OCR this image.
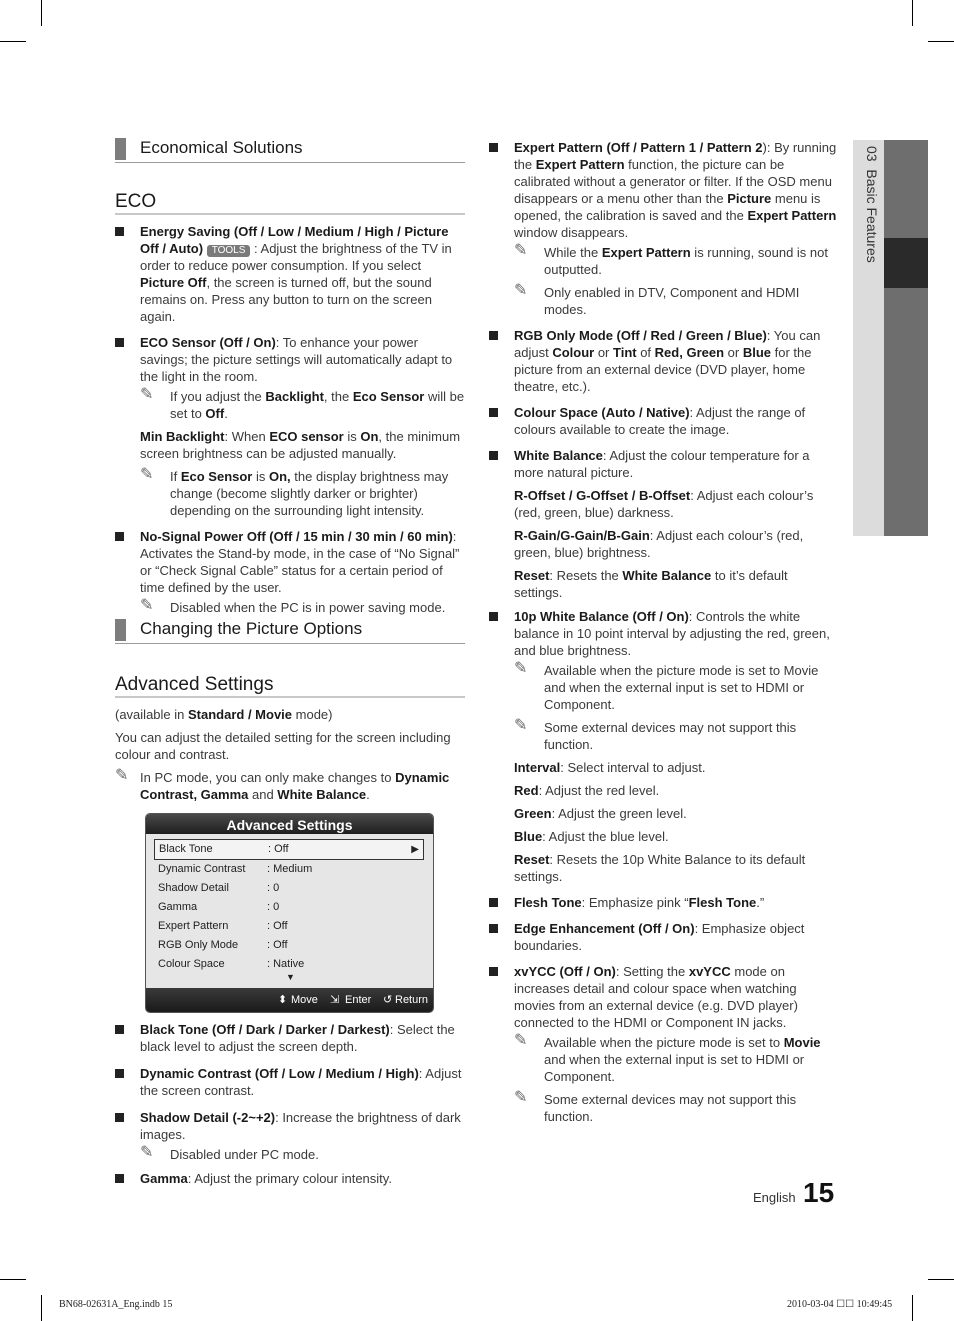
03  Basic Features
Economical Solutions
ECO
Energy Saving (Off / Low / Medium / High / Picture Off / Auto) TOOLS : Adjust the brightness of the TV in order to reduce power consumption. If you select Picture Off, the screen is turned off, but the sound remains on. Press any button to turn on the screen again.
ECO Sensor (Off / On): To enhance your power savings; the picture settings will automatically adapt to the light in the room.
✎ If you adjust the Backlight, the Eco Sensor will be set to Off.
Min Backlight: When ECO sensor is On, the minimum screen brightness can be adjusted manually.
✎ If Eco Sensor is On, the display brightness may change (become slightly darker or brighter) depending on the surrounding light intensity.
No-Signal Power Off (Off / 15 min / 30 min / 60 min): Activates the Stand-by mode, in the case of “No Signal” or “Check Signal Cable” status for a certain period of time defined by the user.
✎ Disabled when the PC is in power saving mode.
Changing the Picture Options
Advanced Settings
(available in Standard / Movie mode)
You can adjust the detailed setting for the screen including colour and contrast.
✎ In PC mode, you can only make changes to Dynamic Contrast, Gamma and White Balance.
Advanced Settings
Black Tone	: Off	▶
Dynamic Contrast : Medium
Shadow Detail	: 0
Gamma	: 0
Expert Pattern	: Off
RGB Only Mode	: Off
Colour Space	: Native
▼
⬍ Move ⇲ Enter ↺ Return
Black Tone (Off / Dark / Darker / Darkest): Select the black level to adjust the screen depth.
Dynamic Contrast (Off / Low / Medium / High): Adjust the screen contrast.
Shadow Detail (-2~+2): Increase the brightness of dark images.
✎ Disabled under PC mode.
Gamma: Adjust the primary colour intensity.
Expert Pattern (Off / Pattern 1 / Pattern 2): By running the Expert Pattern function, the picture can be calibrated without a generator or filter. If the OSD menu disappears or a menu other than the Picture menu is opened, the calibration is saved and the Expert Pattern window disappears.
✎ While the Expert Pattern is running, sound is not outputted.
✎ Only enabled in DTV, Component and HDMI modes.
RGB Only Mode (Off / Red / Green / Blue): You can adjust Colour or Tint of Red, Green or Blue for the picture from an external device (DVD player, home theatre, etc.).
Colour Space (Auto / Native): Adjust the range of colours available to create the image.
White Balance: Adjust the colour temperature for a more natural picture.
R-Offset / G-Offset / B-Offset: Adjust each colour’s (red, green, blue) darkness.
R-Gain/G-Gain/B-Gain: Adjust each colour’s (red, green, blue) brightness.
Reset: Resets the White Balance to it’s default settings.
10p White Balance (Off / On): Controls the white balance in 10 point interval by adjusting the red, green, and blue brightness.
✎ Available when the picture mode is set to Movie and when the external input is set to HDMI or Component.
✎ Some external devices may not support this function.
Interval: Select interval to adjust.
Red: Adjust the red level.
Green: Adjust the green level.
Blue: Adjust the blue level.
Reset: Resets the 10p White Balance to its default settings.
Flesh Tone: Emphasize pink “Flesh Tone.”
Edge Enhancement (Off / On): Emphasize object boundaries.
xvYCC (Off / On): Setting the xvYCC mode on increases detail and colour space when watching movies from an external device (e.g. DVD player) connected to the HDMI or Component IN jacks.
✎ Available when the picture mode is set to Movie and when the external input is set to HDMI or Component.
✎ Some external devices may not support this function.
English 15
BN68-02631A_Eng.indb 15	2010-03-04 ☐☐ 10:49:45
